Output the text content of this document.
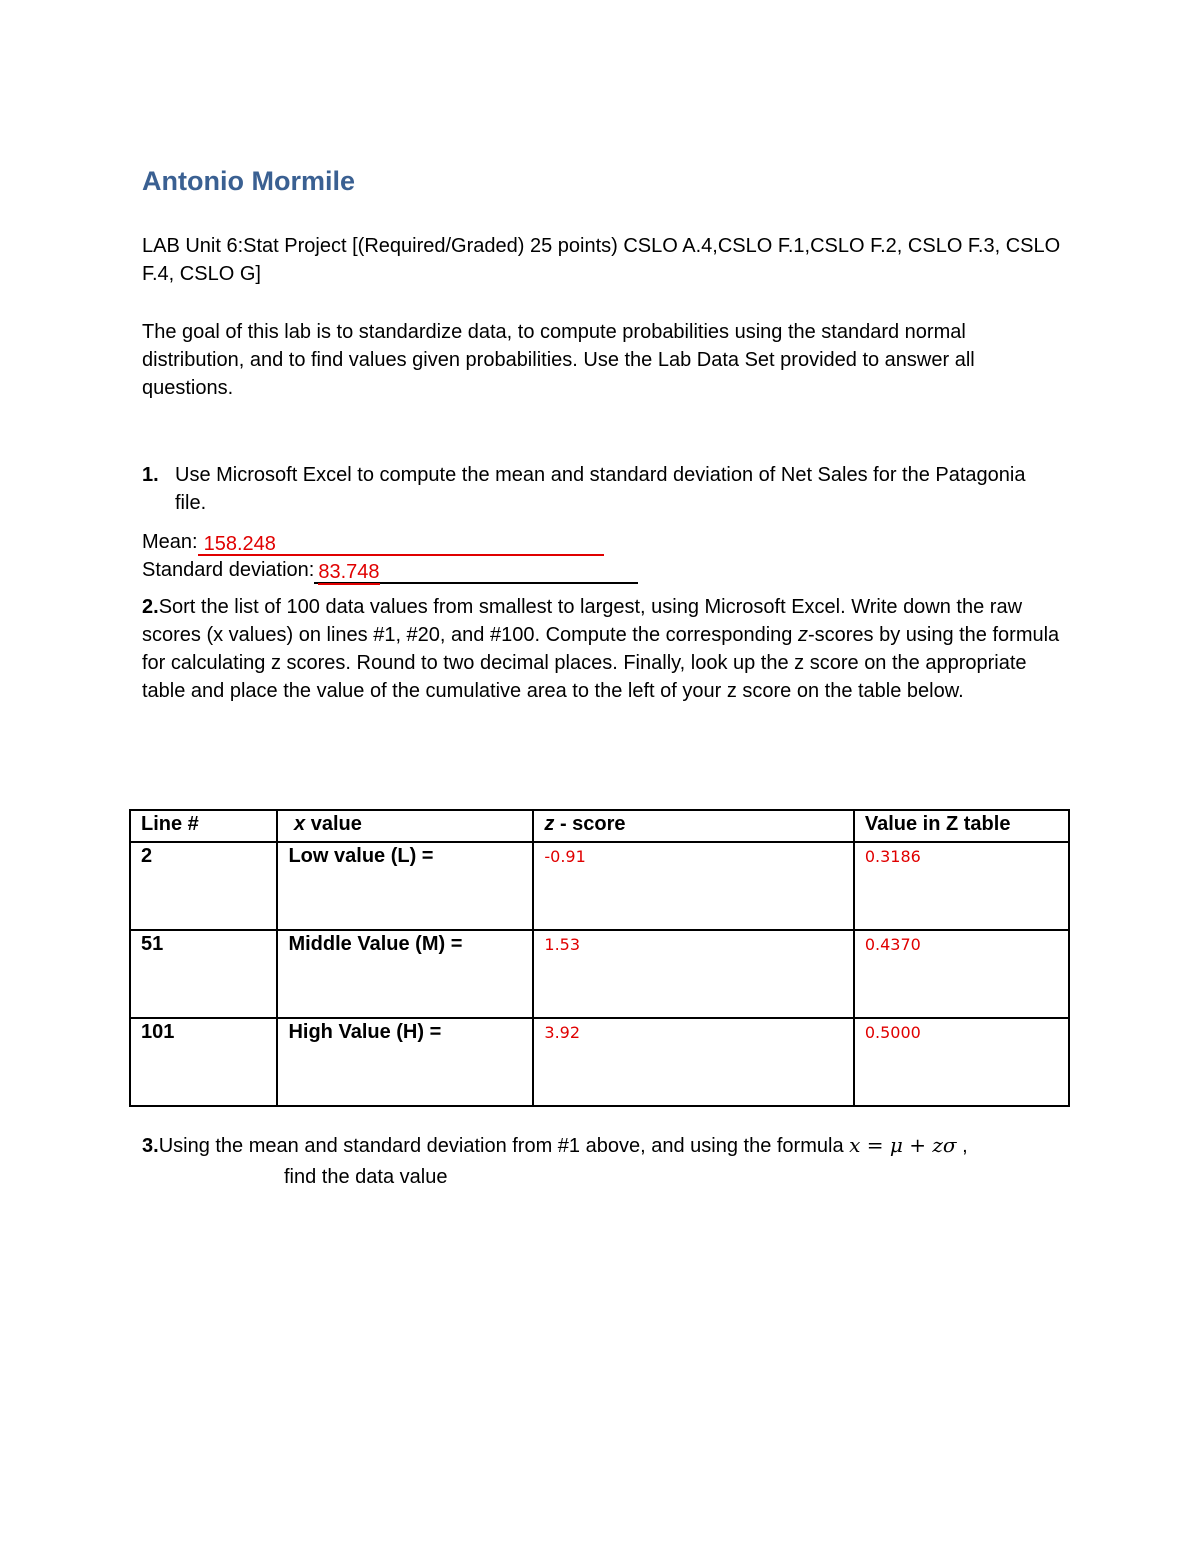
Antonio Mormile
LAB Unit 6:Stat Project [(Required/Graded) 25 points) CSLO A.4,CSLO F.1,CSLO F.2, CSLO F.3, CSLO F.4, CSLO G]
The goal of this lab is to standardize data, to compute probabilities using the standard normal distribution, and to find values given probabilities. Use the Lab Data Set provided to answer all questions.
1. Use Microsoft Excel to compute the mean and standard deviation of Net Sales for the Patagonia file.
Mean: 158.248
Standard deviation: 83.748
2.Sort the list of 100 data values from smallest to largest, using Microsoft Excel. Write down the raw scores (x values) on lines #1, #20, and #100. Compute the corresponding z-scores by using the formula for calculating z scores. Round to two decimal places. Finally, look up the z score on the appropriate table and place the value of the cumulative area to the left of your z score on the table below.
Line #	x value	z - score	Value in Z table
2	Low value (L) =	-0.91	0.3186
51	Middle Value (M) =	1.53	0.4370
101	High Value (H) =	3.92	0.5000
3.Using the mean and standard deviation from #1 above, and using the formula x = μ + zσ ,
find the data value
